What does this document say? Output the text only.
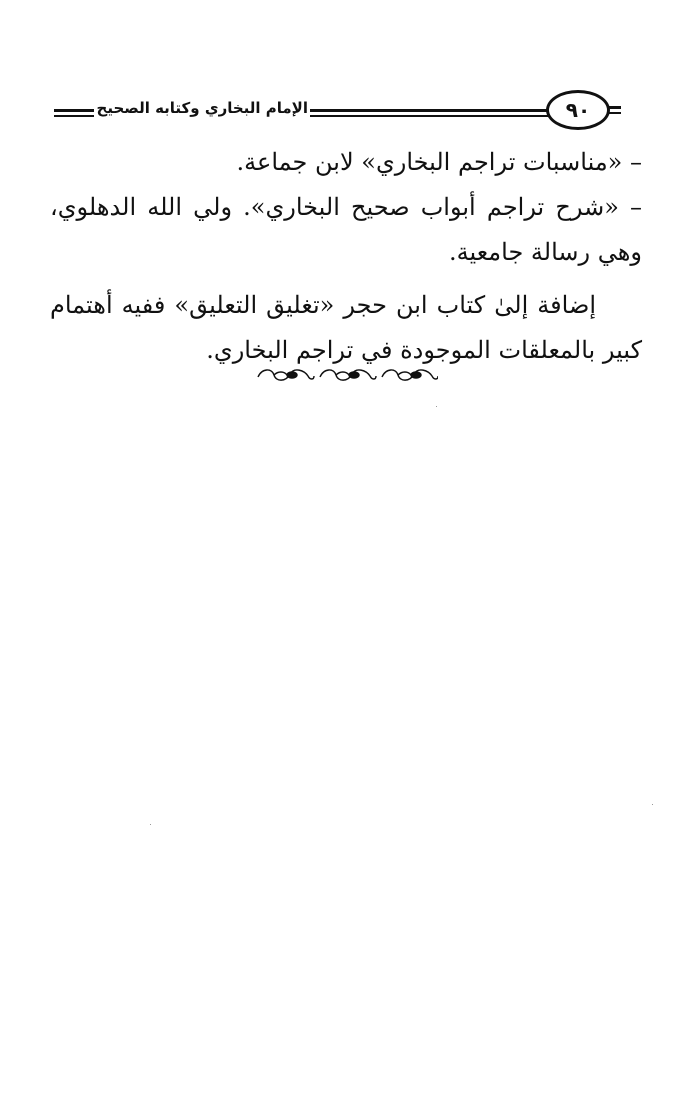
الإمام البخاري وكتابه الصحيح	٩٠

– «مناسبات تراجم البخاري» لابن جماعة.

– «شرح تراجم أبواب صحيح البخاري». ولي الله الدهلوي، وهي رسالة جامعية.

إضافة إلىٰ كتاب ابن حجر «تغليق التعليق» ففيه أهتمام كبير بالمعلقات الموجودة في تراجم البخاري.
